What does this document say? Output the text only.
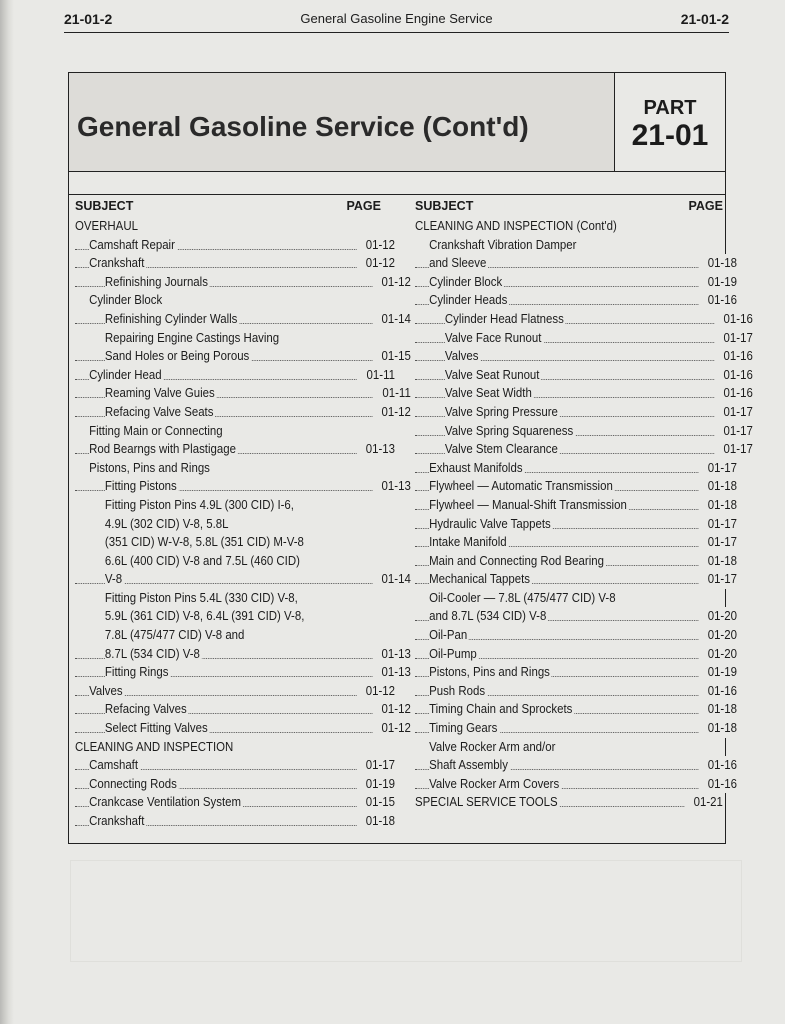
21-01-2	General Gasoline Engine Service	21-01-2
General Gasoline Service (Cont'd)
PART
21-01
SUBJECT	PAGE
OVERHAUL
Camshaft Repair	01-12
Crankshaft	01-12
Refinishing Journals	01-12
Cylinder Block
Refinishing Cylinder Walls	01-14
Repairing Engine Castings Having
Sand Holes or Being Porous	01-15
Cylinder Head	01-11
Reaming Valve Guies	01-11
Refacing Valve Seats	01-12
Fitting Main or Connecting
Rod Bearngs with Plastigage	01-13
Pistons, Pins and Rings
Fitting Pistons	01-13
Fitting Piston Pins 4.9L (300 CID) I-6,
4.9L (302 CID) V-8, 5.8L
(351 CID) W-V-8, 5.8L (351 CID) M-V-8
6.6L (400 CID) V-8 and 7.5L (460 CID)
V-8	01-14
Fitting Piston Pins 5.4L (330 CID) V-8,
5.9L (361 CID) V-8, 6.4L (391 CID) V-8,
7.8L (475/477 CID) V-8 and
8.7L (534 CID) V-8	01-13
Fitting Rings	01-13
Valves	01-12
Refacing Valves	01-12
Select Fitting Valves	01-12
CLEANING AND INSPECTION
Camshaft	01-17
Connecting Rods	01-19
Crankcase Ventilation System	01-15
Crankshaft	01-18
SUBJECT	PAGE
CLEANING AND INSPECTION (Cont'd)
Crankshaft Vibration Damper
and Sleeve	01-18
Cylinder Block	01-19
Cylinder Heads	01-16
Cylinder Head Flatness	01-16
Valve Face Runout	01-17
Valves	01-16
Valve Seat Runout	01-16
Valve Seat Width	01-16
Valve Spring Pressure	01-17
Valve Spring Squareness	01-17
Valve Stem Clearance	01-17
Exhaust Manifolds	01-17
Flywheel — Automatic Transmission	01-18
Flywheel — Manual-Shift Transmission	01-18
Hydraulic Valve Tappets	01-17
Intake Manifold	01-17
Main and Connecting Rod Bearing	01-18
Mechanical Tappets	01-17
Oil-Cooler — 7.8L (475/477 CID) V-8
and 8.7L (534 CID) V-8	01-20
Oil-Pan	01-20
Oil-Pump	01-20
Pistons, Pins and Rings	01-19
Push Rods	01-16
Timing Chain and Sprockets	01-18
Timing Gears	01-18
Valve Rocker Arm and/or
Shaft Assembly	01-16
Valve Rocker Arm Covers	01-16
SPECIAL SERVICE TOOLS	01-21
